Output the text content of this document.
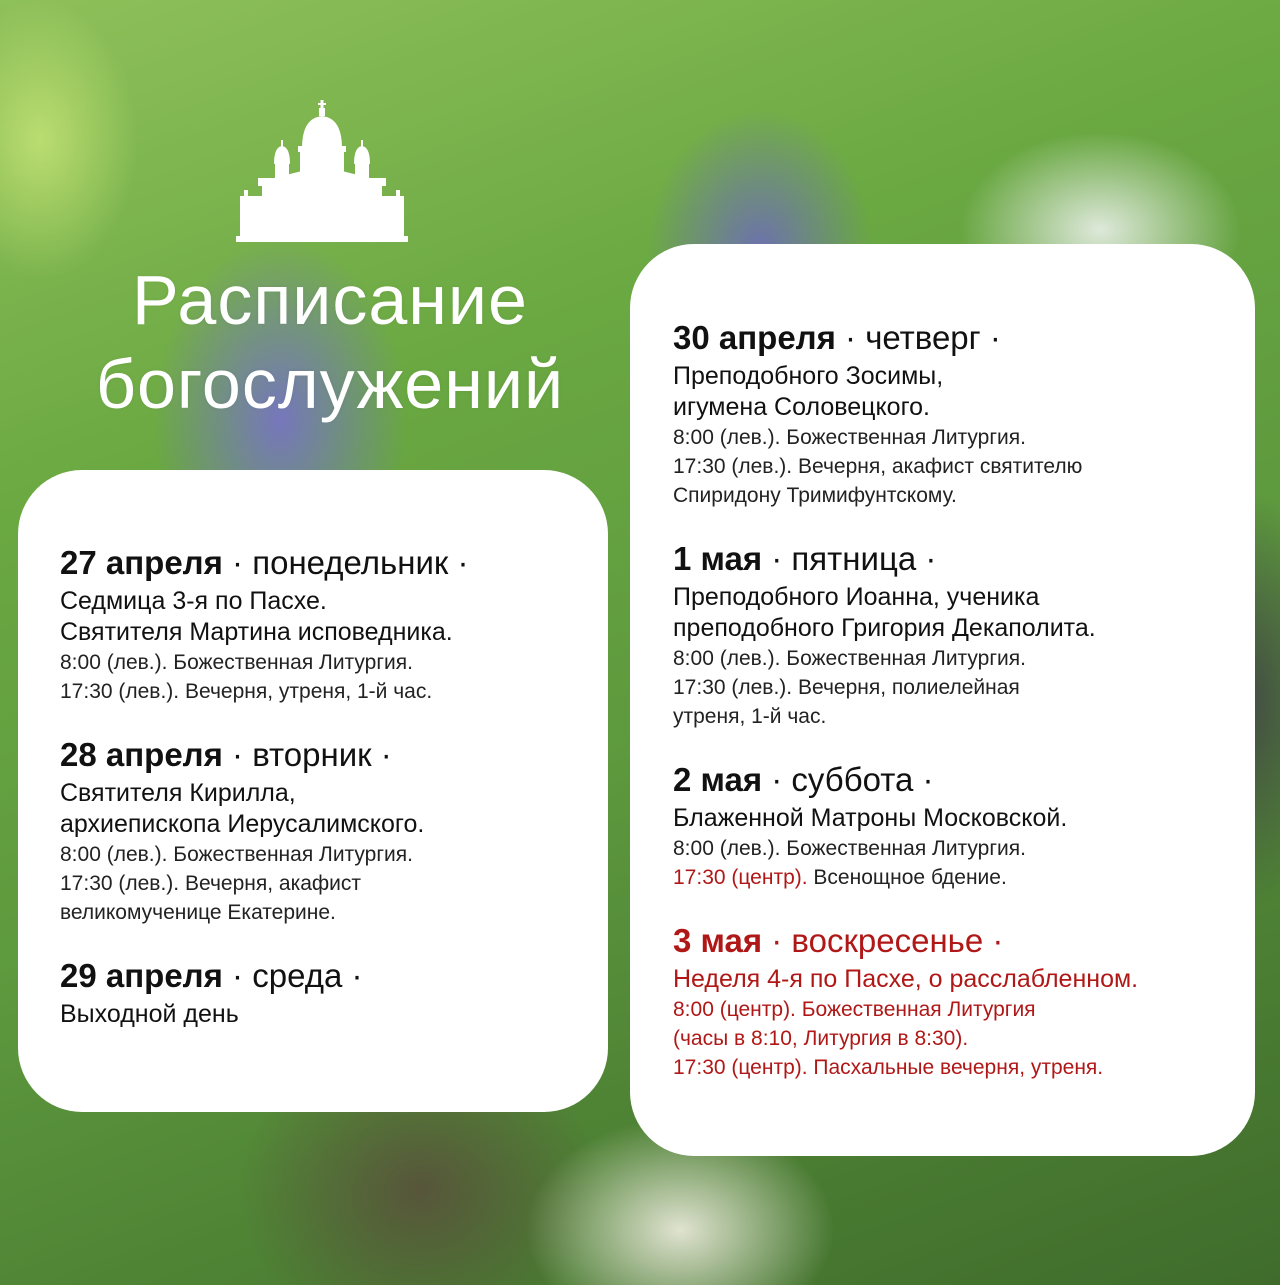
Расписание
богослужений
27 апреля · понедельник ·
Седмица 3-я по Пасхе.
Святителя Мартина исповедника.
8:00 (лев.). Божественная Литургия.
17:30 (лев.). Вечерня, утреня, 1-й час.
28 апреля · вторник ·
Святителя Кирилла,
архиепископа Иерусалимского.
8:00 (лев.). Божественная Литургия.
17:30 (лев.). Вечерня, акафист
великомученице Екатерине.
29 апреля · среда ·
Выходной день
30 апреля · четверг ·
Преподобного Зосимы,
игумена Соловецкого.
8:00 (лев.). Божественная Литургия.
17:30 (лев.). Вечерня, акафист святителю
Спиридону Тримифунтскому.
1 мая · пятница ·
Преподобного Иоанна, ученика
преподобного Григория Декаполита.
8:00 (лев.). Божественная Литургия.
17:30 (лев.). Вечерня, полиелейная
утреня, 1-й час.
2 мая · суббота ·
Блаженной Матроны Московской.
8:00 (лев.). Божественная Литургия.
17:30 (центр). Всенощное бдение.
3 мая · воскресенье ·
Неделя 4-я по Пасхе, о расслабленном.
8:00 (центр). Божественная Литургия
(часы в 8:10, Литургия в 8:30).
17:30 (центр). Пасхальные вечерня, утреня.
